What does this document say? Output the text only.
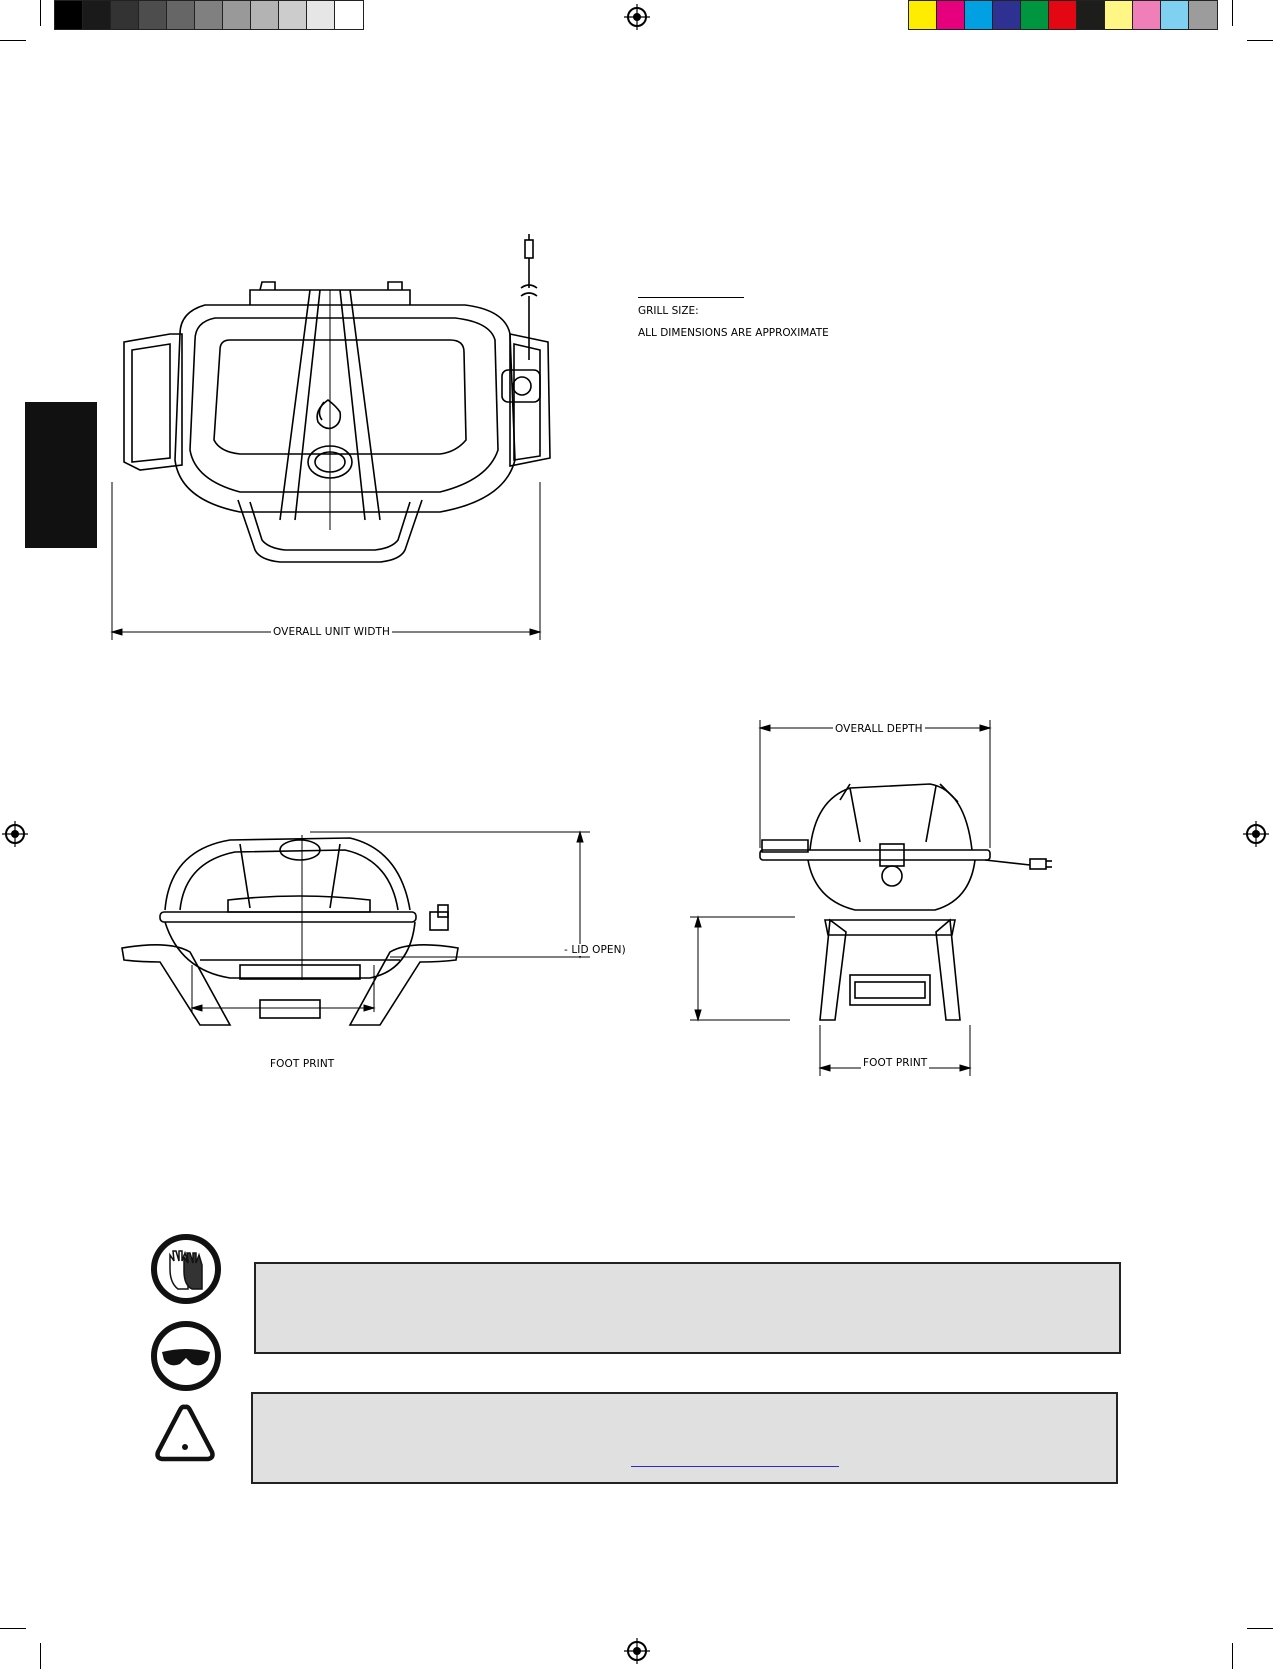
GRILL SIZE:
ALL DIMENSIONS ARE APPROXIMATE
OVERALL UNIT WIDTH
- LID OPEN)
FOOT PRINT
OVERALL DEPTH
FOOT PRINT
